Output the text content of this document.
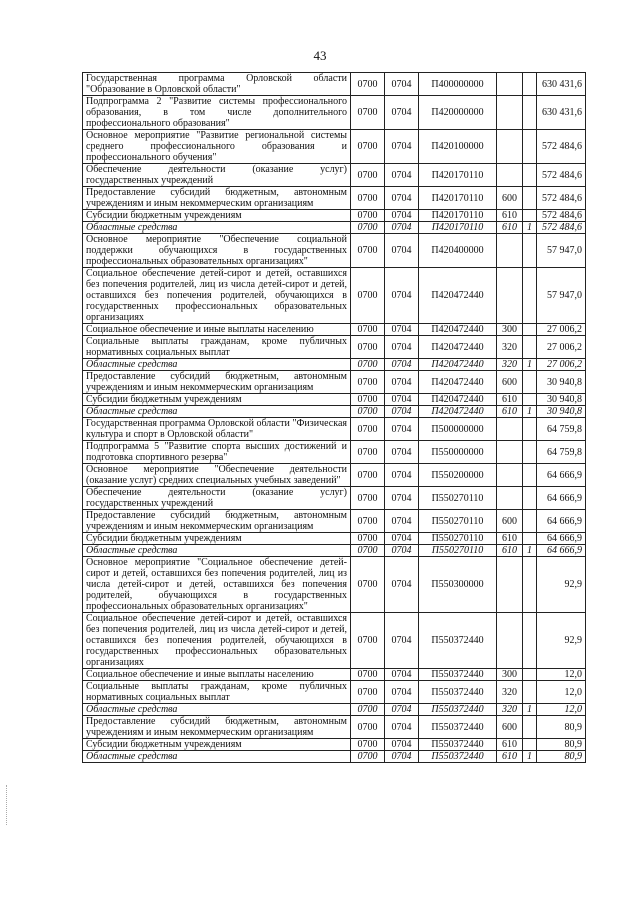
43
Государственная программа Орловской области "Образование в Орловской области"	0700	0704	П400000000			630 431,6
Подпрограмма 2 "Развитие системы профессионального образования, в том числе дополнительного профессионального образования"	0700	0704	П420000000			630 431,6
Основное мероприятие "Развитие региональной системы среднего профессионального образования и профессионального обучения"	0700	0704	П420100000			572 484,6
Обеспечение деятельности (оказание услуг) государственных учреждений	0700	0704	П420170110			572 484,6
Предоставление субсидий бюджетным, автономным учреждениям и иным некоммерческим организациям	0700	0704	П420170110	600		572 484,6
Субсидии бюджетным учреждениям	0700	0704	П420170110	610		572 484,6
Областные средства	0700	0704	П420170110	610	1	572 484,6
Основное мероприятие "Обеспечение социальной поддержки обучающихся в государственных профессиональных образовательных организациях"	0700	0704	П420400000			57 947,0
Социальное обеспечение детей-сирот и детей, оставшихся без попечения родителей, лиц из числа детей-сирот и детей, оставшихся без попечения родителей, обучающихся в государственных профессиональных образовательных организациях	0700	0704	П420472440			57 947,0
Социальное обеспечение и иные выплаты населению	0700	0704	П420472440	300		27 006,2
Социальные выплаты гражданам, кроме публичных нормативных социальных выплат	0700	0704	П420472440	320		27 006,2
Областные средства	0700	0704	П420472440	320	1	27 006,2
Предоставление субсидий бюджетным, автономным учреждениям и иным некоммерческим организациям	0700	0704	П420472440	600		30 940,8
Субсидии бюджетным учреждениям	0700	0704	П420472440	610		30 940,8
Областные средства	0700	0704	П420472440	610	1	30 940,8
Государственная программа Орловской области "Физическая культура и спорт в Орловской области"	0700	0704	П500000000			64 759,8
Подпрограмма 5 "Развитие спорта высших достижений и подготовка спортивного резерва"	0700	0704	П550000000			64 759,8
Основное мероприятие "Обеспечение деятельности (оказание услуг) средних специальных учебных заведений"	0700	0704	П550200000			64 666,9
Обеспечение деятельности (оказание услуг) государственных учреждений	0700	0704	П550270110			64 666,9
Предоставление субсидий бюджетным, автономным учреждениям и иным некоммерческим организациям	0700	0704	П550270110	600		64 666,9
Субсидии бюджетным учреждениям	0700	0704	П550270110	610		64 666,9
Областные средства	0700	0704	П550270110	610	1	64 666,9
Основное мероприятие "Социальное обеспечение детей-сирот и детей, оставшихся без попечения родителей, лиц из числа детей-сирот и детей, оставшихся без попечения родителей, обучающихся в государственных профессиональных образовательных организациях"	0700	0704	П550300000			92,9
Социальное обеспечение детей-сирот и детей, оставшихся без попечения родителей, лиц из числа детей-сирот и детей, оставшихся без попечения родителей, обучающихся в государственных профессиональных образовательных организациях	0700	0704	П550372440			92,9
Социальное обеспечение и иные выплаты населению	0700	0704	П550372440	300		12,0
Социальные выплаты гражданам, кроме публичных нормативных социальных выплат	0700	0704	П550372440	320		12,0
Областные средства	0700	0704	П550372440	320	1	12,0
Предоставление субсидий бюджетным, автономным учреждениям и иным некоммерческим организациям	0700	0704	П550372440	600		80,9
Субсидии бюджетным учреждениям	0700	0704	П550372440	610		80,9
Областные средства	0700	0704	П550372440	610	1	80,9
